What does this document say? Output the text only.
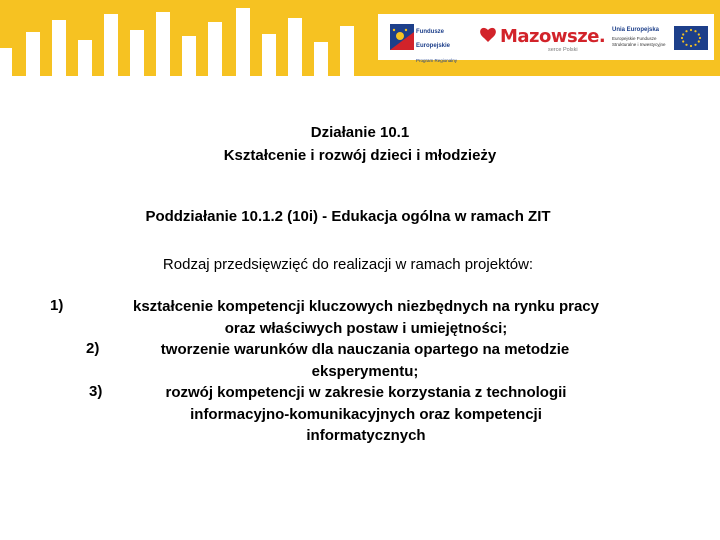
Fundusze

Europejskie

Program Regionalny

Mazowsze.
serce Polski
Unia Europejska
Europejskie Fundusze
Strukturalne i Inwestycyjne
Działanie 10.1
Kształcenie i rozwój dzieci i młodzieży
Poddziałanie 10.1.2 (10i) - Edukacja ogólna w ramach ZIT
Rodzaj przedsięwzięć do realizacji w ramach projektów:
1)	kształcenie kompetencji kluczowych niezbędnych na rynku pracy
oraz właściwych postaw i umiejętności;
2)	tworzenie warunków dla nauczania opartego na metodzie
eksperymentu;
3)	rozwój kompetencji w zakresie korzystania z technologii
informacyjno-komunikacyjnych oraz kompetencji
informatycznych
